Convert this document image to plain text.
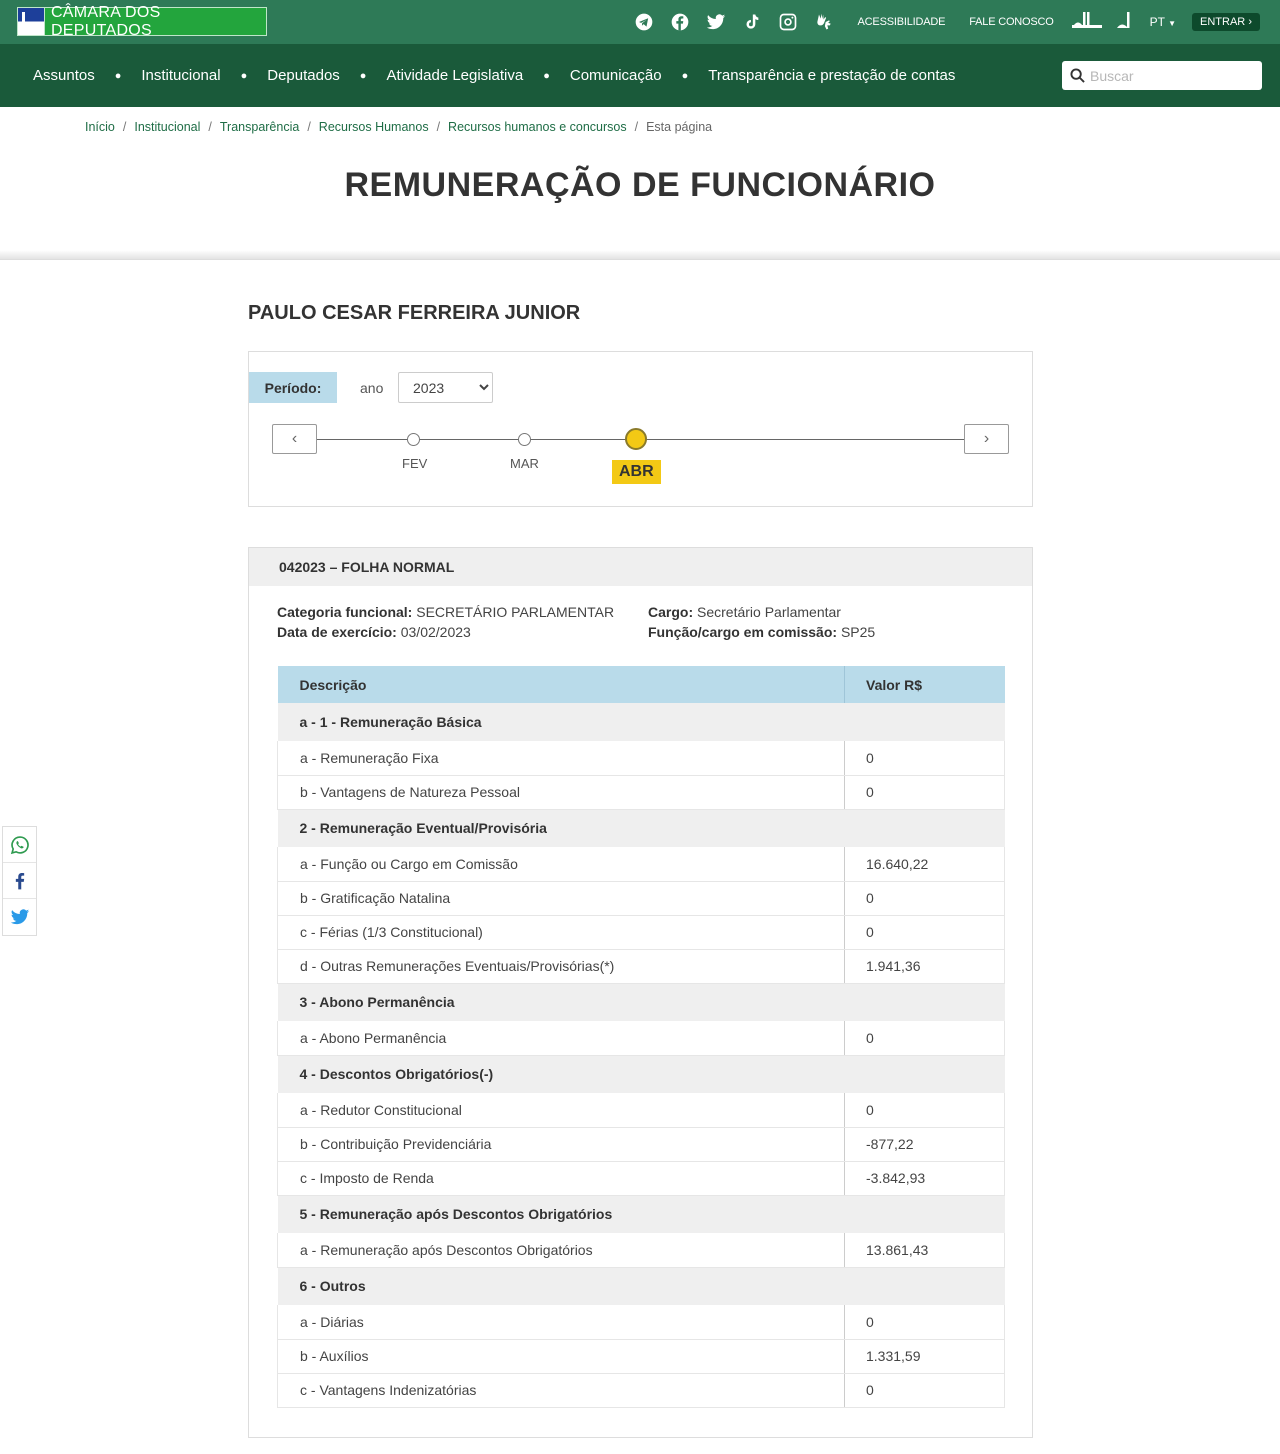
CÂMARA DOS DEPUTADOS	ACESSIBILIDADE FALE CONOSCO	PT ▼	ENTRAR ›
Assuntos ● Institucional ● Deputados ● Atividade Legislativa ● Comunicação ● Transparência e prestação de contas
Buscar
Início / Institucional / Transparência / Recursos Humanos / Recursos humanos e concursos / Esta página
REMUNERAÇÃO DE FUNCIONÁRIO
PAULO CESAR FERREIRA JUNIOR
Período:	ano
2023
‹
FEV	MAR	ABR
›
042023 – FOLHA NORMAL
Categoria funcional: SECRETÁRIO PARLAMENTAR
Data de exercício: 03/02/2023
Cargo: Secretário Parlamentar
Função/cargo em comissão: SP25
Descrição	Valor R$
a - 1 - Remuneração Básica	
a - Remuneração Fixa	0
b - Vantagens de Natureza Pessoal	0
2 - Remuneração Eventual/Provisória	
a - Função ou Cargo em Comissão	16.640,22
b - Gratificação Natalina	0
c - Férias (1/3 Constitucional)	0
d - Outras Remunerações Eventuais/Provisórias(*)	1.941,36
3 - Abono Permanência	
a - Abono Permanência	0
4 - Descontos Obrigatórios(-)	
a - Redutor Constitucional	0
b - Contribuição Previdenciária	-877,22
c - Imposto de Renda	-3.842,93
5 - Remuneração após Descontos Obrigatórios	
a - Remuneração após Descontos Obrigatórios	13.861,43
6 - Outros	
a - Diárias	0
b - Auxílios	1.331,59
c - Vantagens Indenizatórias	0
